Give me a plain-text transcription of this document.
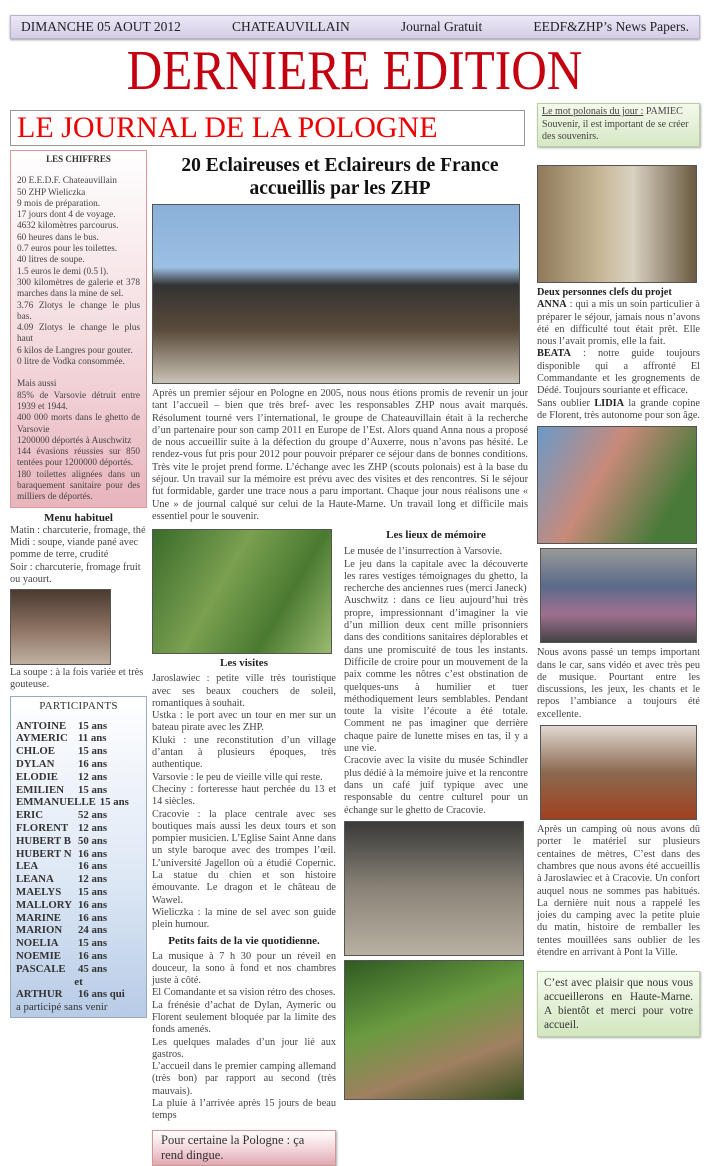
DIMANCHE 05 AOUT 2012	CHATEAUVILLAIN	Journal Gratuit	EEDF&ZHP’s News Papers.
DERNIERE EDITION
LE JOURNAL DE LA POLOGNE	Le mot polonais du jour : PAMIEC
Souvenir, il est important de se créer des souvenirs.
LES CHIFFRES
20 E.E.D.F. Chateauvillain
50 ZHP Wieliczka
9 mois de préparation.
17 jours dont 4 de voyage.
4632 kilomètres parcourus.
60 heures dans le bus.
0.7 euros pour les toilettes.
40 litres de soupe.
1.5 euros le demi (0.5 l).
300 kilomètres de galerie et 378 marches dans la mine de sel.
3.76 Zlotys le change le plus bas.
4.09 Zlotys le change le plus haut
6 kilos de Langres pour gouter.
0 litre de Vodka consommée.
Mais aussi
85% de Varsovie détruit entre 1939 et 1944.
400 000 morts dans le ghetto de Varsovie
1200000 déportés à Auschwitz
144 évasions réussies sur 850 tentées pour 1200000 déportés.
180 toilettes alignées dans un baraquement sanitaire pour des milliers de déportés.
Menu habituel
Matin : charcuterie, fromage, thé
Midi : soupe, viande pané avec pomme de terre, crudité
Soir : charcuterie, fromage fruit ou yaourt.
La soupe : à la fois variée et très gouteuse.
PARTICIPANTS
ANTOINE	15 ans
AYMERIC 11 ans
CHLOE	15 ans
DYLAN	16 ans
ELODIE	12 ans
EMILIEN	15 ans
EMMANUELLE 15 ans
ERIC	52 ans
FLORENT 12 ans
HUBERT B 50 ans
HUBERT N 16 ans
LEA	16 ans
LEANA	12 ans
MAELYS	15 ans
MALLORY 16 ans
MARINE	16 ans
MARION	24 ans
NOELIA	15 ans
NOEMIE	16 ans
PASCALE	45 ans
et
ARTHUR	16 ans qui
a participé sans venir
20 Eclaireuses et Eclaireurs de France accueillis par les ZHP
Après un premier séjour en Pologne en 2005, nous nous étions promis de revenir un jour tant l’accueil – bien que très bref- avec les responsables ZHP nous avait marqués. Résolument tourné vers l’international, le groupe de Chateauvillain était à la recherche d’un partenaire pour son camp 2011 en Europe de l’Est. Alors quand Anna nous a proposé de nous accueillir suite à la défection du groupe d’Auxerre, nous n’avons pas hésité. Le rendez-vous fut pris pour 2012 pour pouvoir préparer ce séjour dans de bonnes conditions. Très vite le projet prend forme. L’échange avec les ZHP (scouts polonais) est à la base du séjour. Un travail sur la mémoire est prévu avec des visites et des rencontres. Si le séjour fut formidable, garder une trace nous a paru important. Chaque jour nous réalisons une « Une » de journal calqué sur celui de la Haute-Marne. Un travail long et difficile mais essentiel pour le souvenir.
Les visites
Jaroslawiec : petite ville très touristique avec ses beaux couchers de soleil, romantiques à souhait.
Ustka : le port avec un tour en mer sur un bateau pirate avec les ZHP.
Kluki : une reconstitution d’un village d’antan à plusieurs époques, très authentique.
Varsovie : le peu de vieille ville qui reste.
Checiny : forteresse haut perchée du 13 et 14 siècles.
Cracovie : la place centrale avec ses boutiques mais aussi les deux tours et son pompier musicien. L’Eglise Saint Anne dans un style baroque avec des trompes l’œil. L’université Jagellon où a étudié Copernic. La statue du chien et son histoire émouvante. Le dragon et le château de Wawel.
Wieliczka : la mine de sel avec son guide plein humour.
Petits faits de la vie quotidienne.
La musique à 7 h 30 pour un réveil en douceur, la sono à fond et nos chambres juste à côté.
El Comandante et sa vision rétro des choses.
La frénésie d’achat de Dylan, Aymeric ou Florent seulement bloquée par la limite des fonds amenés.
Les quelques malades d’un jour lié aux gastros.
L’accueil dans le premier camping allemand (très bon) par rapport au second (très mauvais).
La pluie à l’arrivée après 15 jours de beau temps
Pour certaine la Pologne : ça rend dingue.
Les lieux de mémoire
Le musée de l’insurrection à Varsovie.
Le jeu dans la capitale avec la découverte les rares vestiges témoignages du ghetto, la recherche des anciennes rues (merci Janeck)
Auschwitz : dans ce lieu aujourd’hui très propre, impressionnant d’imaginer la vie d’un million deux cent mille prisonniers dans des conditions sanitaires déplorables et dans une promiscuité de tous les instants. Difficile de croire pour un mouvement de la paix comme les nôtres c’est obstination de quelques-uns à humilier et tuer méthodiquement leurs semblables. Pendant toute la visite l’écoute a été totale. Comment ne pas imaginer que derrière chaque paire de lunette mises en tas, il y a une vie.
Cracovie avec la visite du musée Schindler plus dédié à la mémoire juive et la rencontre dans un café juif typique avec une responsable du centre culturel pour un échange sur le ghetto de Cracovie.
Deux personnes clefs du projet

ANNA : qui a mis un soin particulier à préparer le séjour, jamais nous n’avons été en difficulté tout était prêt. Elle nous l’avait promis, elle la fait.

BEATA : notre guide toujours disponible qui a affronté El Commandante et les grognements de Dédé. Toujours souriante et efficace.

Sans oublier LIDIA la grande copine de Florent, très autonome pour son âge.

Nous avons passé un temps important dans le car, sans vidéo et avec très peu de musique. Pourtant entre les discussions, les jeux, les chants et le repos l’ambiance a toujours été excellente.
Après un camping où nous avons dû porter le matériel sur plusieurs centaines de mètres, C’est dans des chambres que nous avons été accueillis à Jaroslawiec et à Cracovie. Un confort auquel nous ne sommes pas habitués. La dernière nuit nous a rappelé les joies du camping avec la petite pluie du matin, histoire de remballer les tentes mouillées sans oublier de les étendre en arrivant à Pont la Ville.
C’est avec plaisir que nous vous accueillerons en Haute-Marne. A bientôt et merci pour votre accueil.
